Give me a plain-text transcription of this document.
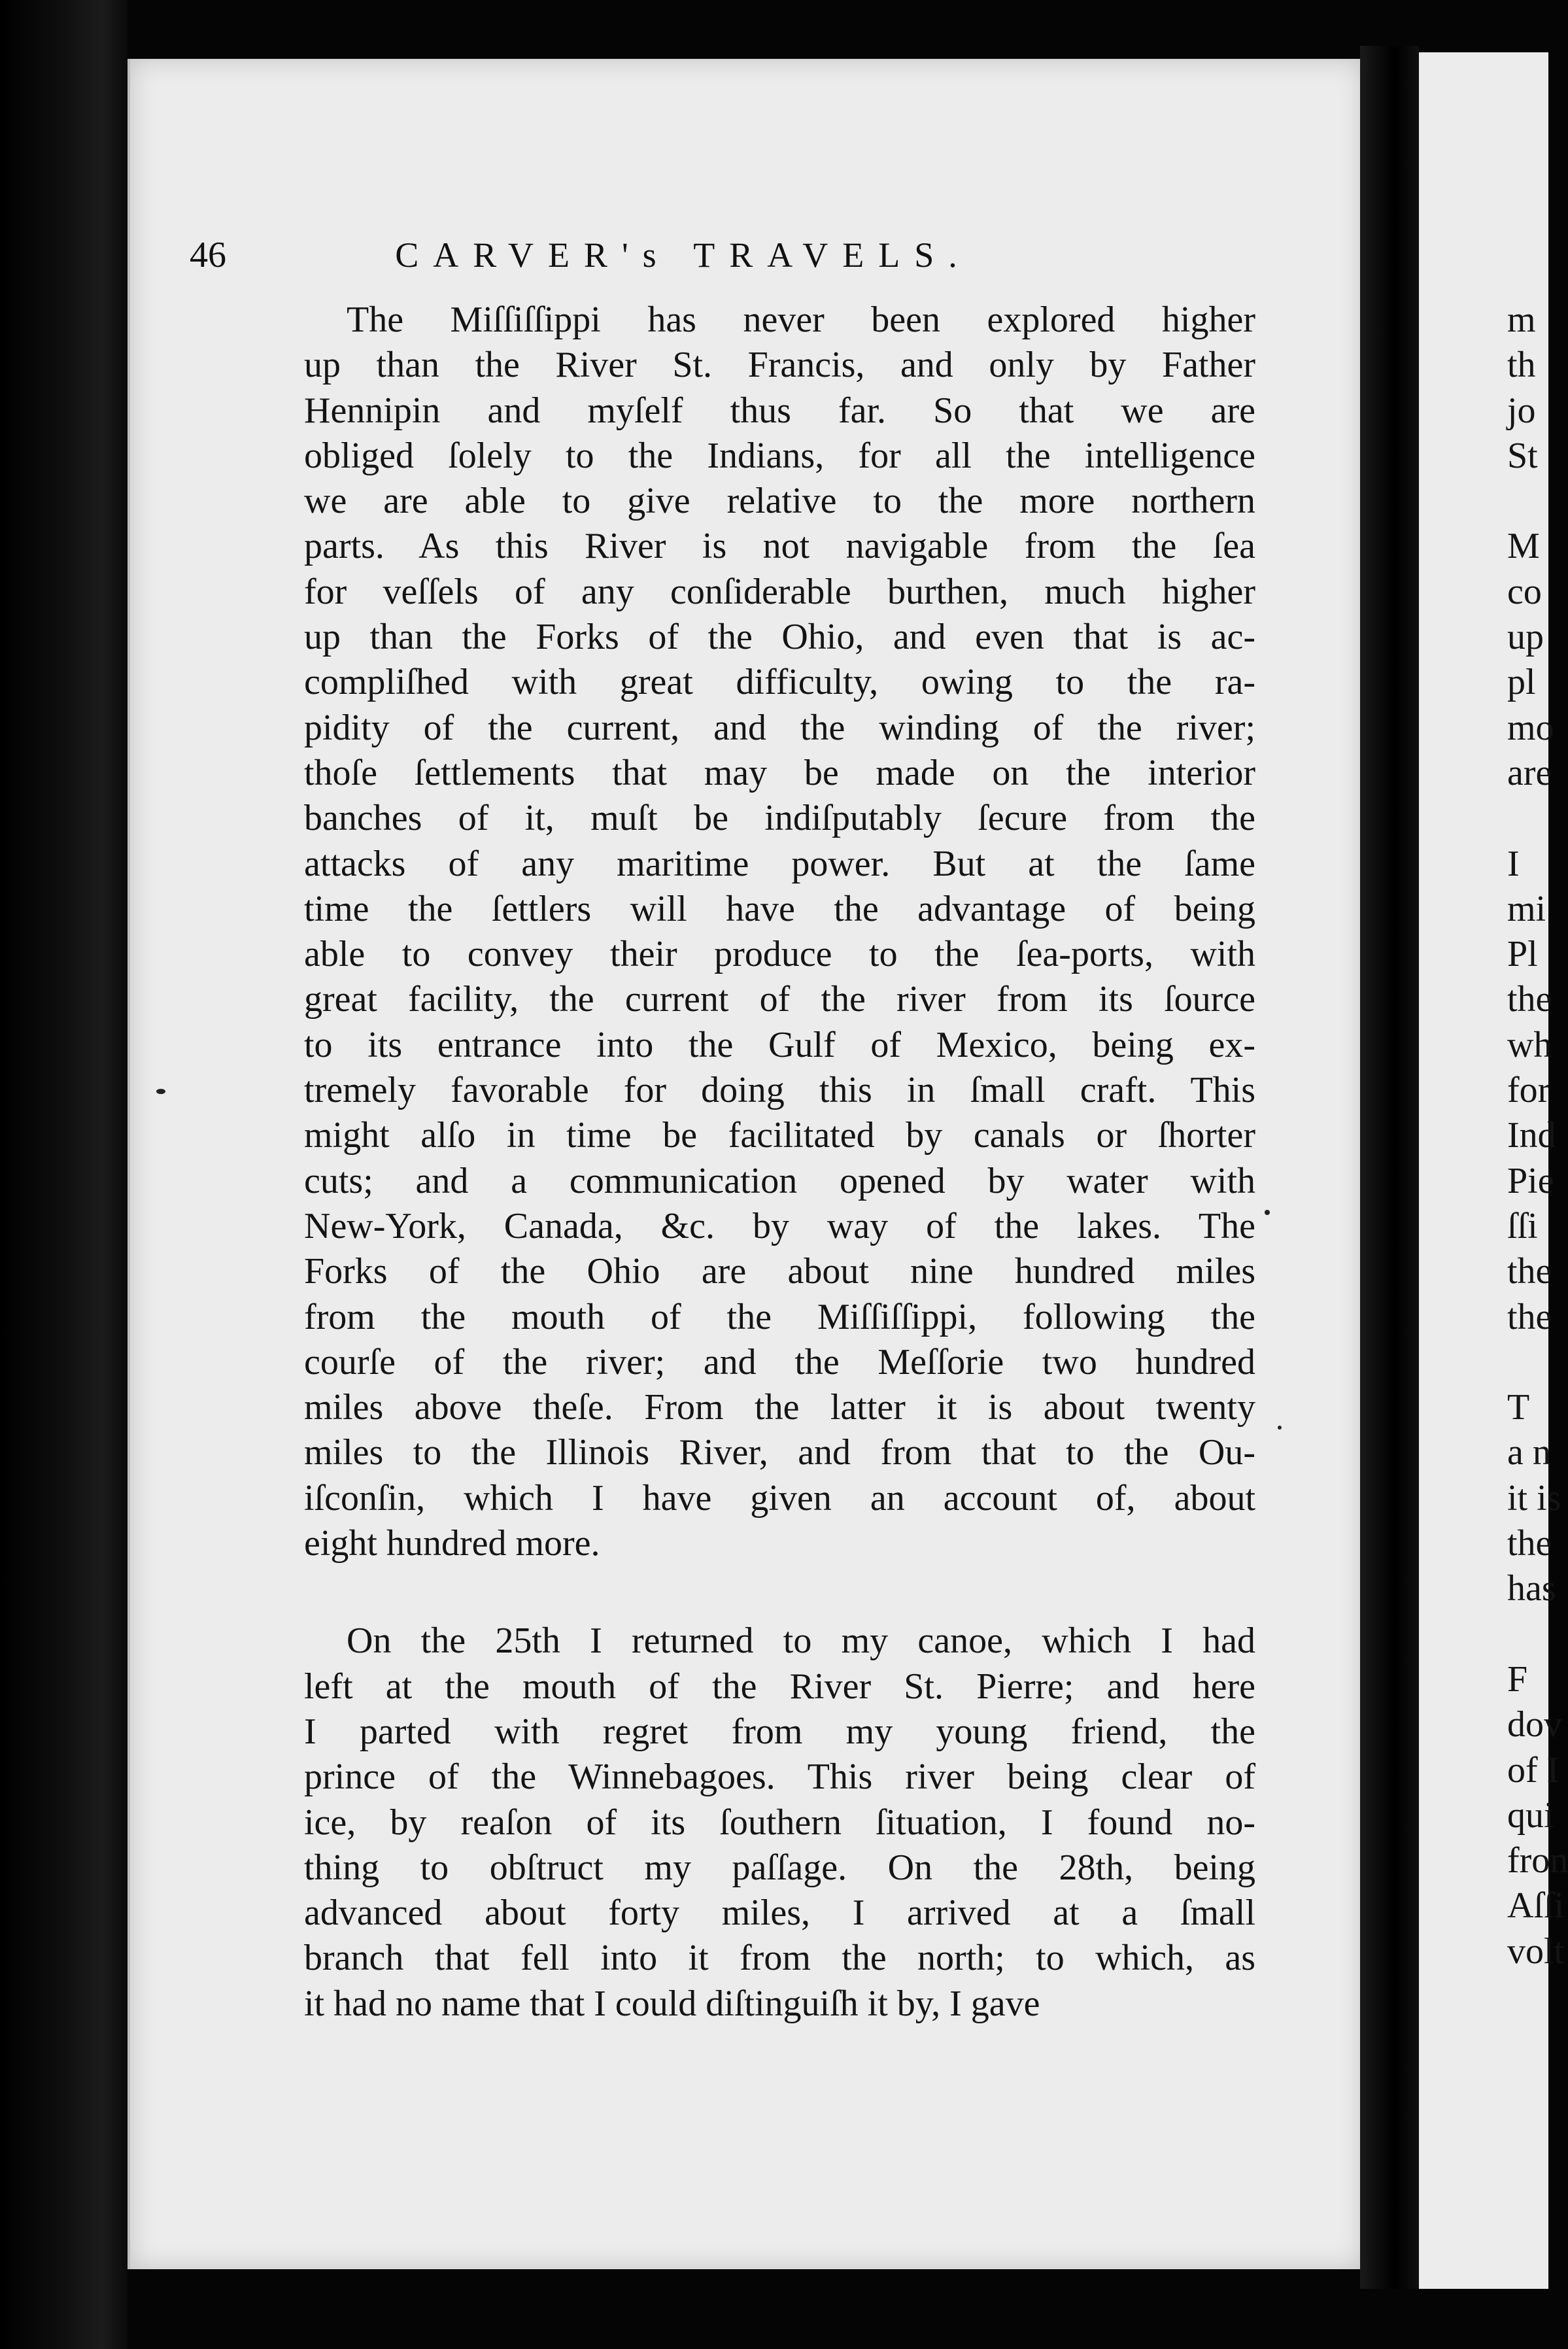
46	CARVER's TRAVELS.
The Miſſiſſippi has never been explored higher
up than the River St. Francis, and only by Father
Hennipin and myſelf thus far. So that we are
obliged ſolely to the Indians, for all the intelligence
we are able to give relative to the more northern
parts. As this River is not navigable from the ſea
for veſſels of any conſiderable burthen, much higher
up than the Forks of the Ohio, and even that is ac-
compliſhed with great difficulty, owing to the ra-
pidity of the current, and the winding of the river;
thoſe ſettlements that may be made on the interior
banches of it, muſt be indiſputably ſecure from the
attacks of any maritime power. But at the ſame
time the ſettlers will have the advantage of being
able to convey their produce to the ſea-ports, with
great facility, the current of the river from its ſource
to its entrance into the Gulf of Mexico, being ex-
tremely favorable for doing this in ſmall craft. This
might alſo in time be facilitated by canals or ſhorter
cuts; and a communication opened by water with
New-York, Canada, &c. by way of the lakes. The
Forks of the Ohio are about nine hundred miles
from the mouth of the Miſſiſſippi, following the
courſe of the river; and the Meſſorie two hundred
miles above theſe. From the latter it is about twenty
miles to the Illinois River, and from that to the Ou-
iſconſin, which I have given an account of, about
eight hundred more.
On the 25th I returned to my canoe, which I had
left at the mouth of the River St. Pierre; and here
I parted with regret from my young friend, the
prince of the Winnebagoes. This river being clear of
ice, by reaſon of its ſouthern ſituation, I found no-
thing to obſtruct my paſſage. On the 28th, being
advanced about forty miles, I arrived at a ſmall
branch that fell into it from the north; to which, as
it had no name that I could diſtinguiſh it by, I gave
m
th
jo
St
M
co
up
pl
mo
are
I
mi
Pl
the
wh
for
Ind
Pie
ſſi
the
the
T
a n
it is
the
has
F
dov
of I
qui
fron
Aſſi
volt
